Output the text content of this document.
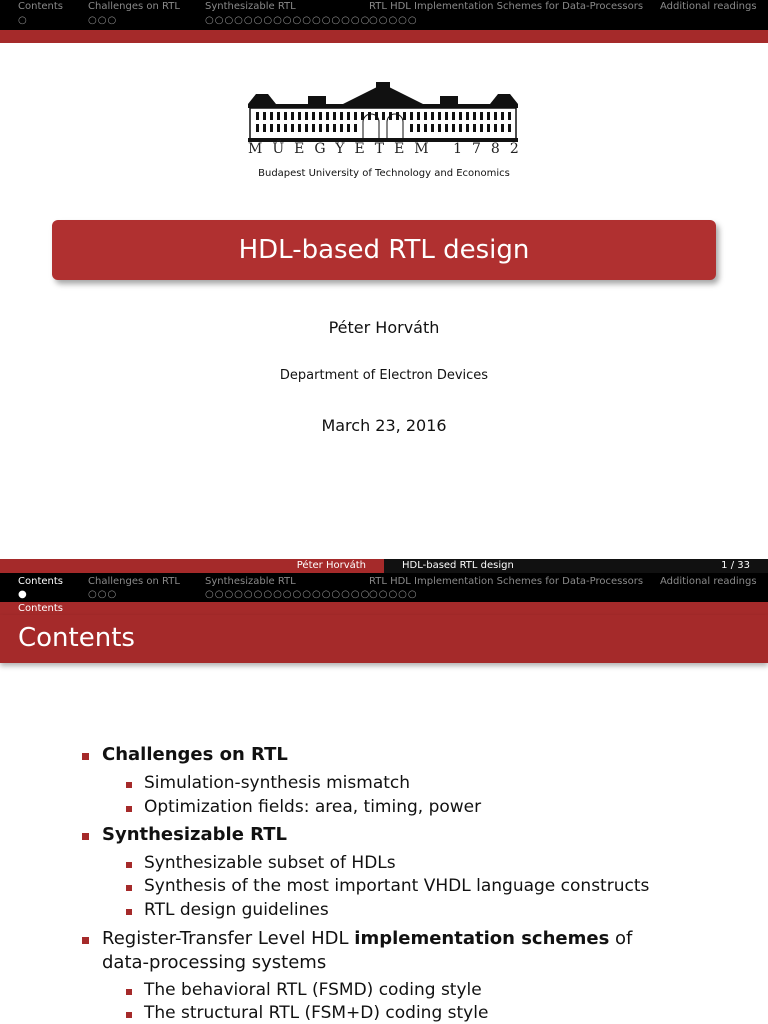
Contents	Challenges on RTL	Synthesizable RTL	RTL HDL Implementation Schemes for Data-Processors Additional readings
○	○○○	○○○○○○○○○○○○○○○○○
○○○○○
MŰEGYETEM 1782
Budapest University of Technology and Economics
HDL-based RTL design
Péter Horváth
Department of Electron Devices
March 23, 2016
Péter Horváth	HDL-based RTL design	1 / 33
Contents	Challenges on RTL	Synthesizable RTL	RTL HDL Implementation Schemes for Data-Processors Additional readings
●	○○○	○○○○○○○○○○○○○○○○○
○○○○○
Contents
Contents
Challenges on RTL
Simulation-synthesis mismatch
Optimization fields: area, timing, power
Synthesizable RTL
Synthesizable subset of HDLs
Synthesis of the most important VHDL language constructs
RTL design guidelines
Register-Transfer Level HDL implementation schemes of
data-processing systems
The behavioral RTL (FSMD) coding style
The structural RTL (FSM+D) coding style
